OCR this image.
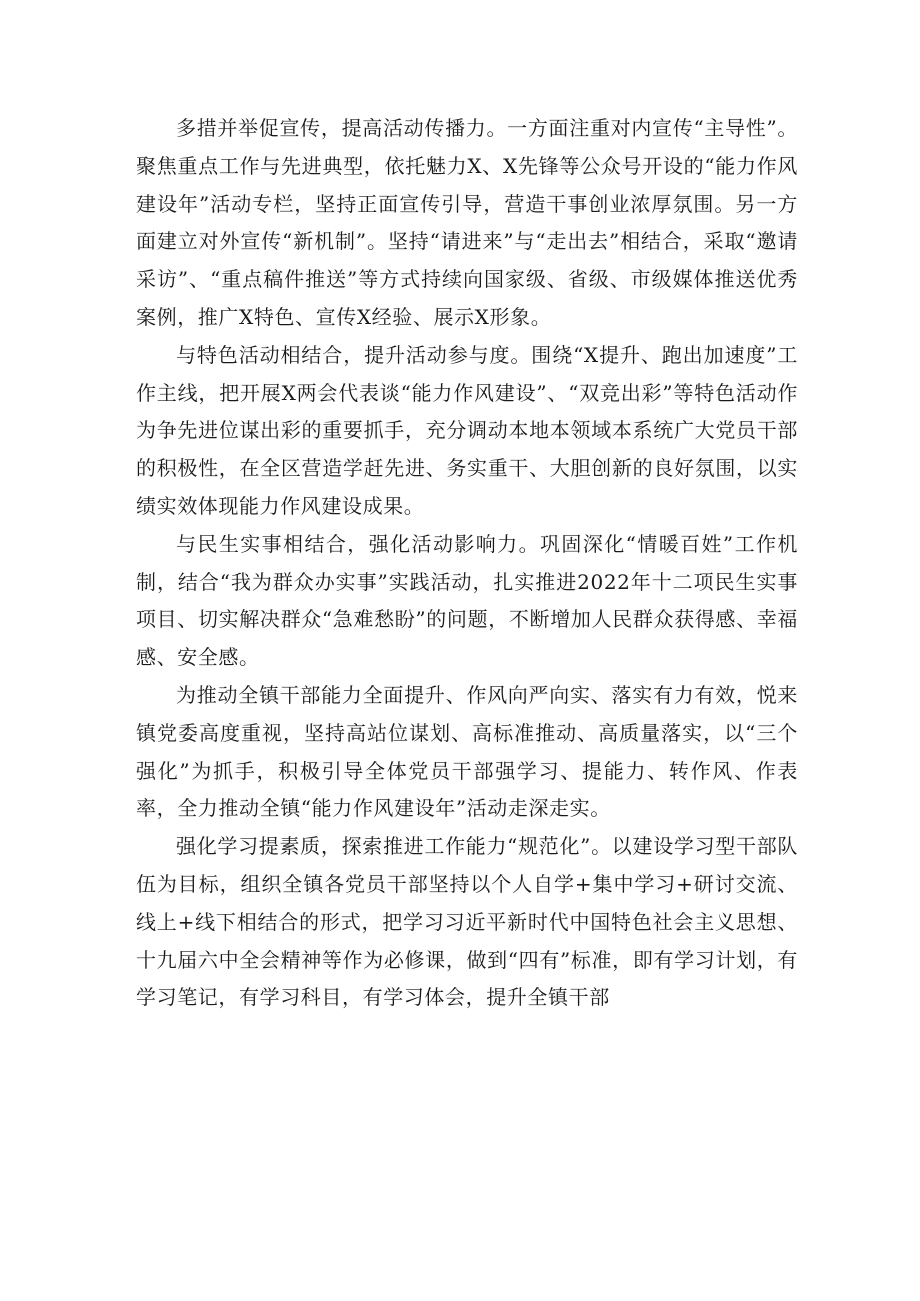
多措并举促宣传，提高活动传播力。一方面注重对内宣传“主导性”。聚焦重点工作与先进典型，依托魅力X、X先锋等公众号开设的“能力作风建设年”活动专栏，坚持正面宣传引导，营造干事创业浓厚氛围。另一方面建立对外宣传“新机制”。坚持“请进来”与“走出去”相结合，采取“邀请采访”、“重点稿件推送”等方式持续向国家级、省级、市级媒体推送优秀案例，推广X特色、宣传X经验、展示X形象。

与特色活动相结合，提升活动参与度。围绕“X提升、跑出加速度”工作主线，把开展X两会代表谈“能力作风建设”、“双竞出彩”等特色活动作为争先进位谋出彩的重要抓手，充分调动本地本领域本系统广大党员干部的积极性，在全区营造学赶先进、务实重干、大胆创新的良好氛围，以实绩实效体现能力作风建设成果。

与民生实事相结合，强化活动影响力。巩固深化“情暖百姓”工作机制，结合“我为群众办实事”实践活动，扎实推进2022年十二项民生实事项目、切实解决群众“急难愁盼”的问题，不断增加人民群众获得感、幸福感、安全感。

为推动全镇干部能力全面提升、作风向严向实、落实有力有效，悦来镇党委高度重视，坚持高站位谋划、高标准推动、高质量落实，以“三个强化”为抓手，积极引导全体党员干部强学习、提能力、转作风、作表率，全力推动全镇“能力作风建设年”活动走深走实。

强化学习提素质，探索推进工作能力“规范化”。以建设学习型干部队伍为目标，组织全镇各党员干部坚持以个人自学+集中学习+研讨交流、线上+线下相结合的形式，把学习习近平新时代中国特色社会主义思想、十九届六中全会精神等作为必修课，做到“四有”标准，即有学习计划，有学习笔记，有学习科目，有学习体会，提升全镇干部
